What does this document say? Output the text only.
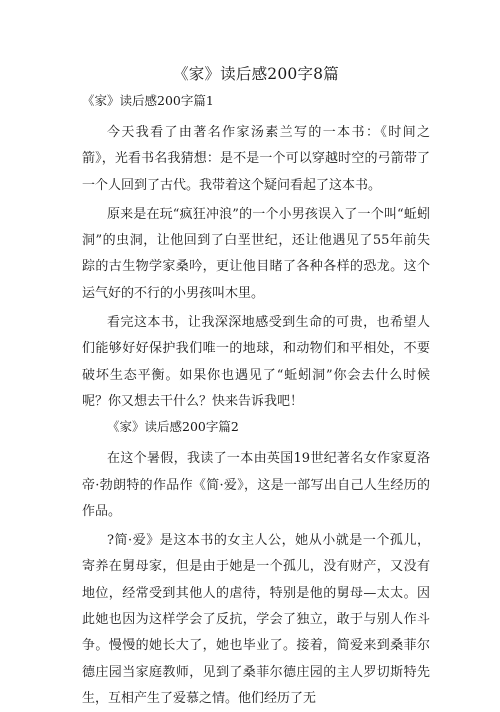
《家》读后感200字8篇
《家》读后感200字篇1

今天我看了由著名作家汤素兰写的一本书：《时间之箭》，光看书名我猜想：是不是一个可以穿越时空的弓箭带了一个人回到了古代。我带着这个疑问看起了这本书。

原来是在玩“疯狂冲浪”的一个小男孩误入了一个叫“蚯蚓洞”的虫洞，让他回到了白垩世纪，还让他遇见了55年前失踪的古生物学家桑吟，更让他目睹了各种各样的恐龙。这个运气好的不行的小男孩叫木里。

看完这本书，让我深深地感受到生命的可贵，也希望人们能够好好保护我们唯一的地球，和动物们和平相处，不要破坏生态平衡。如果你也遇见了“蚯蚓洞”你会去什么时候呢？你又想去干什么？快来告诉我吧！

《家》读后感200字篇2

在这个暑假，我读了一本由英国19世纪著名女作家夏洛帝·勃朗特的作品作《简·爱》，这是一部写出自己人生经历的作品。

?简·爱》是这本书的女主人公，她从小就是一个孤儿，寄养在舅母家，但是由于她是一个孤儿，没有财产，又没有地位，经常受到其他人的虐待，特别是他的舅母—太太。因此她也因为这样学会了反抗，学会了独立，敢于与别人作斗争。慢慢的她长大了，她也毕业了。接着，简爱来到桑菲尔德庄园当家庭教师，见到了桑菲尔德庄园的主人罗切斯特先生，互相产生了爱慕之情。他们经历了无
